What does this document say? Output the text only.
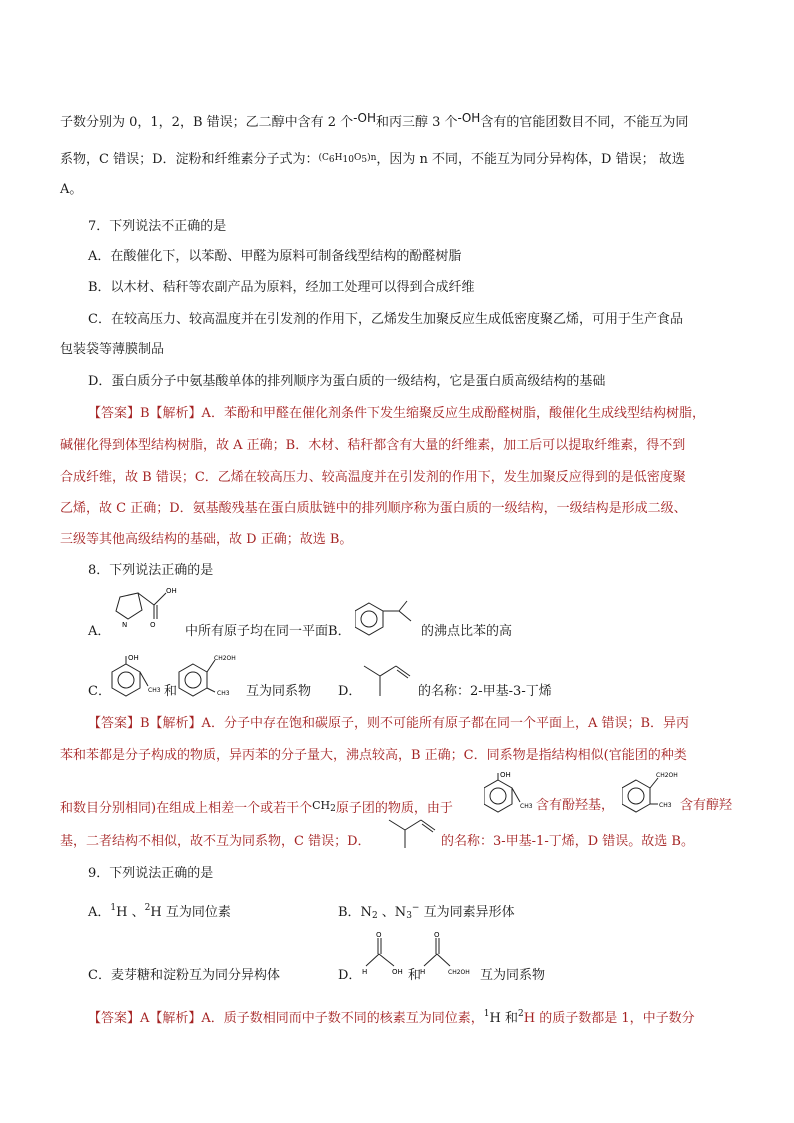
子数分别为 0，1，2，B 错误；乙二醇中含有 2 个-OH和丙三醇 3 个-OH含有的官能团数目不同，不能互为同
系物，C 错误；D．淀粉和纤维素分子式为：$^{(C6H10O5)n}$，因为 n 不同，不能互为同分异构体，D 错误； 故选
A。
7．下列说法不正确的是
A．在酸催化下，以苯酚、甲醛为原料可制备线型结构的酚醛树脂
B．以木材、秸秆等农副产品为原料，经加工处理可以得到合成纤维
C．在较高压力、较高温度并在引发剂的作用下，乙烯发生加聚反应生成低密度聚乙烯，可用于生产食品
包装袋等薄膜制品
D．蛋白质分子中氨基酸单体的排列顺序为蛋白质的一级结构，它是蛋白质高级结构的基础
【答案】B【解析】A．苯酚和甲醛在催化剂条件下发生缩聚反应生成酚醛树脂，酸催化生成线型结构树脂，
碱催化得到体型结构树脂，故 A 正确；B．木材、秸秆都含有大量的纤维素，加工后可以提取纤维素，得不到
合成纤维，故 B 错误；C．乙烯在较高压力、较高温度并在引发剂的作用下，发生加聚反应得到的是低密度聚
乙烯，故 C 正确；D．氨基酸残基在蛋白质肽链中的排列顺序称为蛋白质的一级结构，一级结构是形成二级、
三级等其他高级结构的基础，故 D 正确；故选 B。
8．下列说法正确的是
A．	N
OH
O 中所有原子均在同一平面B．	的沸点比苯的高
C．
OH
CH3 和
CH2OH
CH3 互为同系物 D．	的名称：2-甲基-3-丁烯
【答案】B【解析】A．分子中存在饱和碳原子，则不可能所有原子都在同一个平面上，A 错误；B．异丙
苯和苯都是分子构成的物质，异丙苯的分子量大，沸点较高，B 正确；C．同系物是指结构相似(官能团的种类
和数目分别相同)在组成上相差一个或若干个$^{CH_2}$原子团的物质，由于
OH
CH3 含有酚羟基，
CH2OH
CH3 含有醇羟
基，二者结构不相似，故不互为同系物，C 错误；D．	的名称：3-甲基-1-丁烯，D 错误。故选 B。
9．下列说法正确的是
A．$^1$H 、$^2$H 互为同位素	B．$N_2$ 、$N_3^-$ 互为同素异形体
C．麦芽糖和淀粉互为同分异构体	D．
O
H	OH 和
O
H	CH2OH 互为同系物
【答案】A【解析】A．质子数相同而中子数不同的核素互为同位素，$^1$H 和$^2$H 的质子数都是 1，中子数分
